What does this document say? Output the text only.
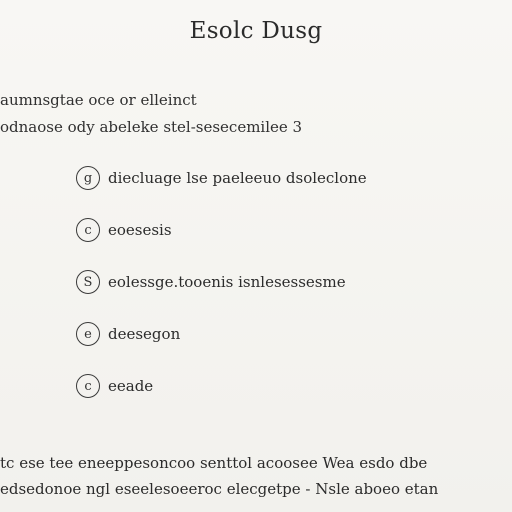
Esolc Dusg
aumnsgtae oce or elleinct
odnaose ody abeleke stel-sesecemilee 3
g	diecluage lse paeleeuo dsoleclone
c	eoesesis
S	eolessge.tooenis isnlesessesme
e	deesegon
c	eeade
tc ese tee eneeppesoncoo senttol acoosee Wea esdo dbe
edsedonoe ngl eseelesoeeroc elecgetpe - Nsle aboeo etan
